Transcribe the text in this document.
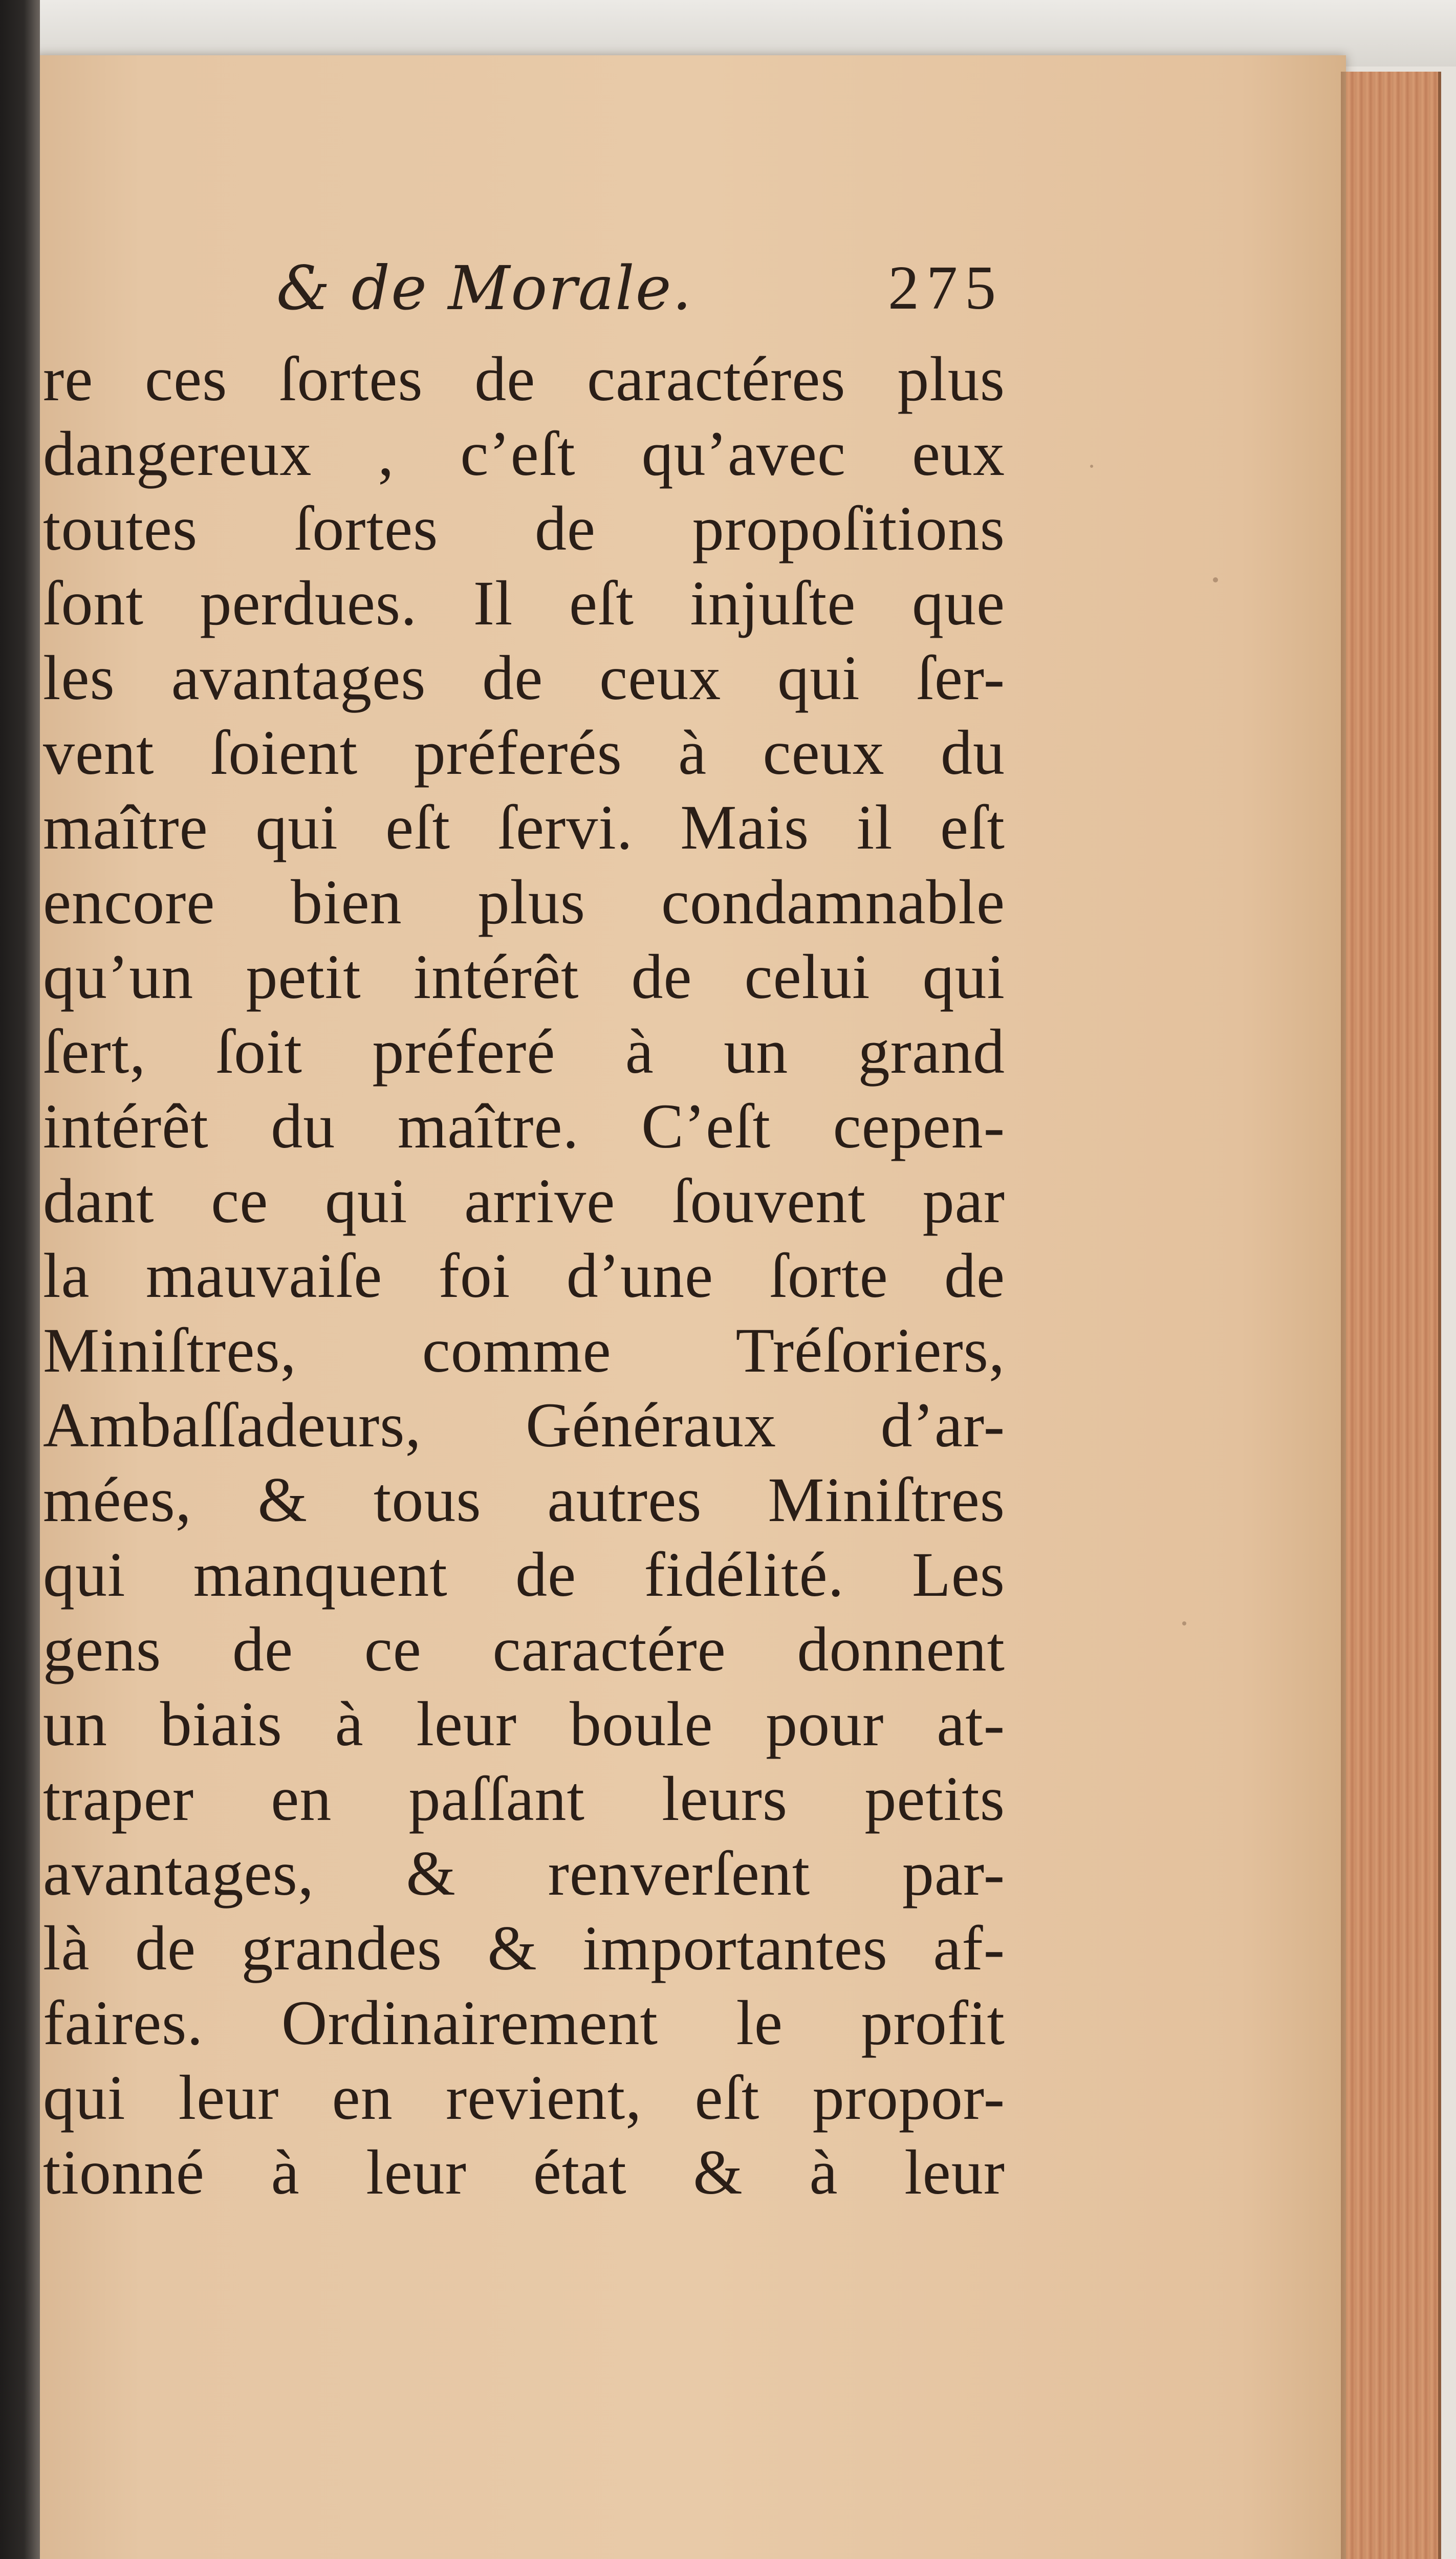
& de Morale.	275
re ces ſortes de caractéres plus
dangereux , c’eſt qu’avec eux
toutes ſortes de propoſitions
ſont perdues. Il eſt injuſte que
les avantages de ceux qui ſer-
vent ſoient préferés à ceux du
maître qui eſt ſervi. Mais il eſt
encore bien plus condamnable
qu’un petit intérêt de celui qui
ſert, ſoit préferé à un grand
intérêt du maître. C’eſt cepen-
dant ce qui arrive ſouvent par
la mauvaiſe foi d’une ſorte de
Miniſtres, comme Tréſoriers,
Ambaſſadeurs, Généraux d’ar-
mées, & tous autres Miniſtres
qui manquent de fidélité. Les
gens de ce caractére donnent
un biais à leur boule pour at-
traper en paſſant leurs petits
avantages, & renverſent par-
là de grandes & importantes af-
faires. Ordinairement le profit
qui leur en revient, eſt propor-
tionné à leur état & à leur
